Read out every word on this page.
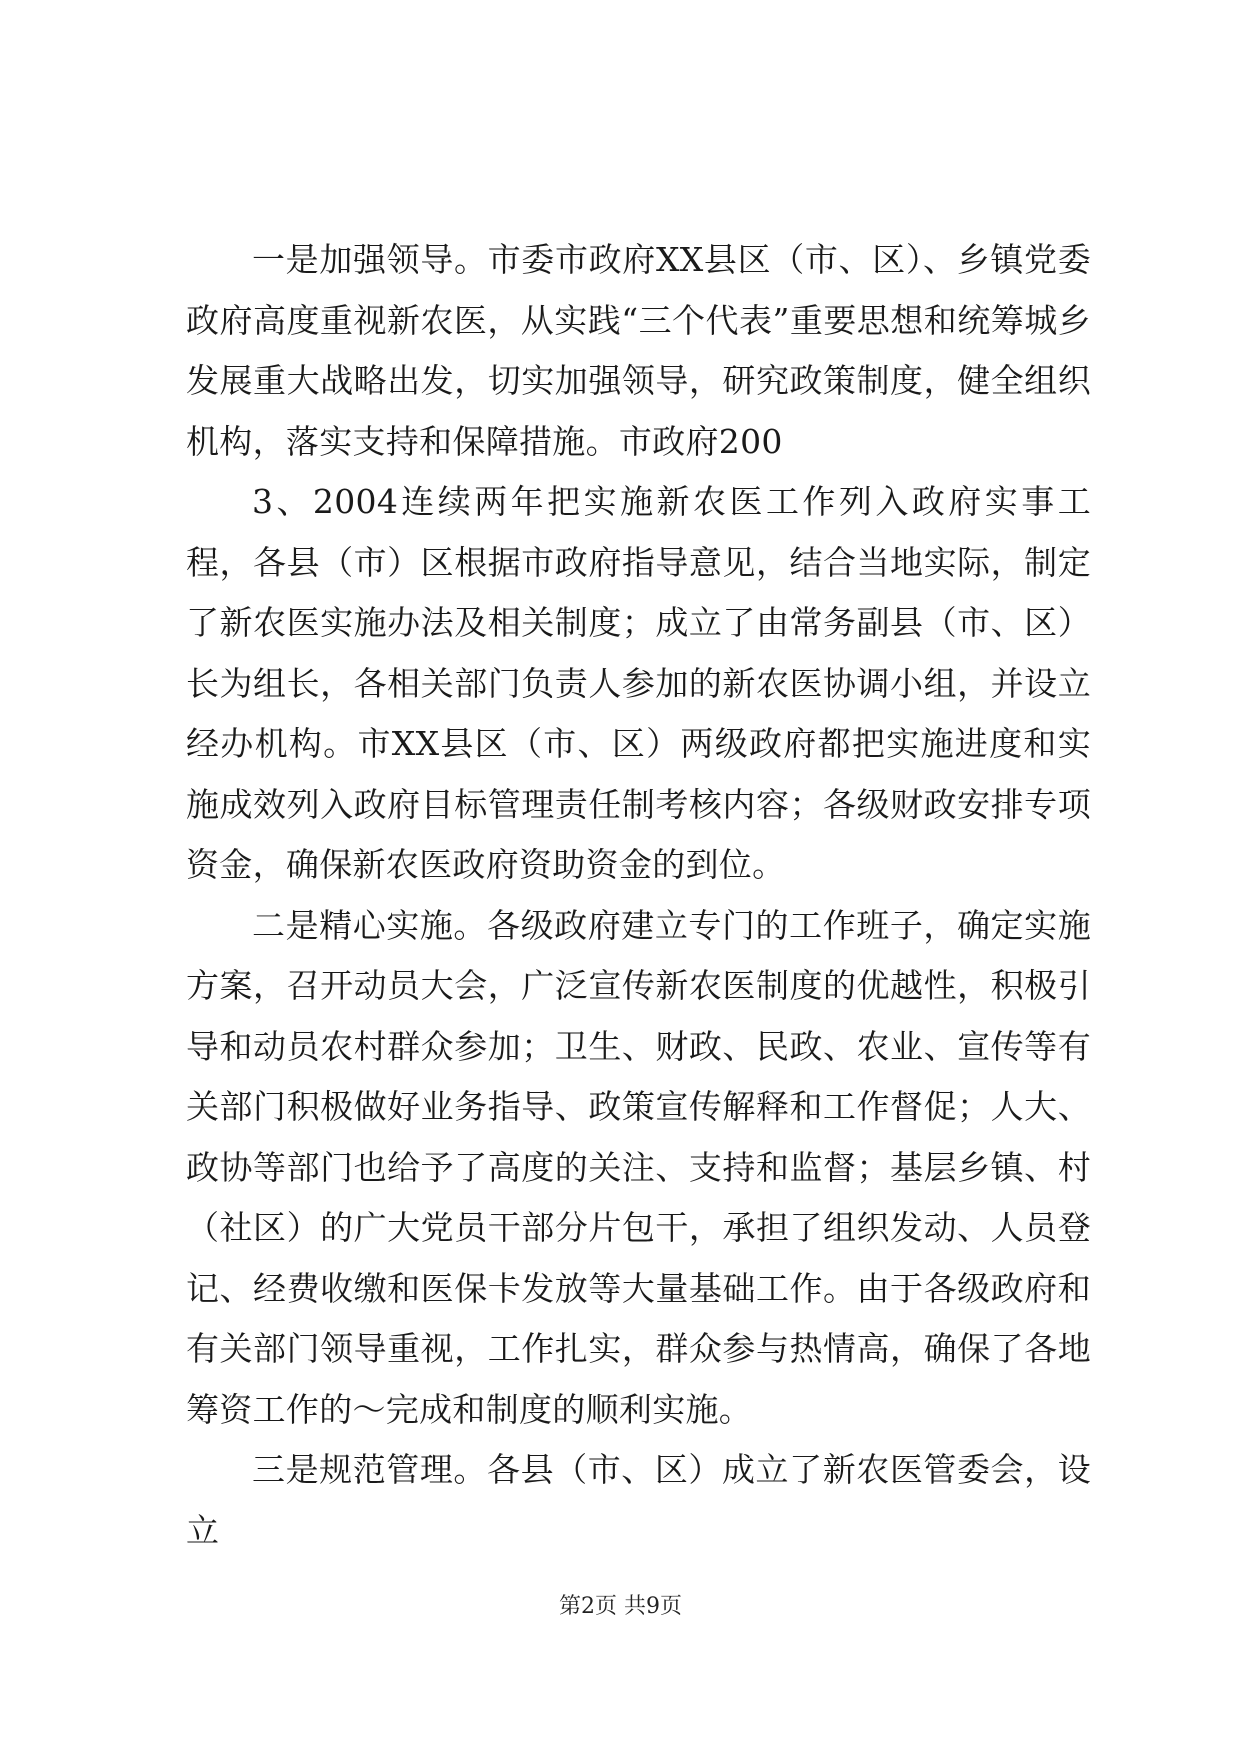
一是加强领导。市委市政府XX县区（市、区）、乡镇党委政府高度重视新农医，从实践“三个代表”重要思想和统筹城乡发展重大战略出发，切实加强领导，研究政策制度，健全组织机构，落实支持和保障措施。市政府200

3、2004连续两年把实施新农医工作列入政府实事工程，各县（市）区根据市政府指导意见，结合当地实际，制定了新农医实施办法及相关制度；成立了由常务副县（市、区）长为组长，各相关部门负责人参加的新农医协调小组，并设立经办机构。市XX县区（市、区）两级政府都把实施进度和实施成效列入政府目标管理责任制考核内容；各级财政安排专项资金，确保新农医政府资助资金的到位。

二是精心实施。各级政府建立专门的工作班子，确定实施方案，召开动员大会，广泛宣传新农医制度的优越性，积极引导和动员农村群众参加；卫生、财政、民政、农业、宣传等有关部门积极做好业务指导、政策宣传解释和工作督促；人大、政协等部门也给予了高度的关注、支持和监督；基层乡镇、村（社区）的广大党员干部分片包干，承担了组织发动、人员登记、经费收缴和医保卡发放等大量基础工作。由于各级政府和有关部门领导重视，工作扎实，群众参与热情高，确保了各地筹资工作的～完成和制度的顺利实施。

三是规范管理。各县（市、区）成立了新农医管委会，设立

第2页 共9页
